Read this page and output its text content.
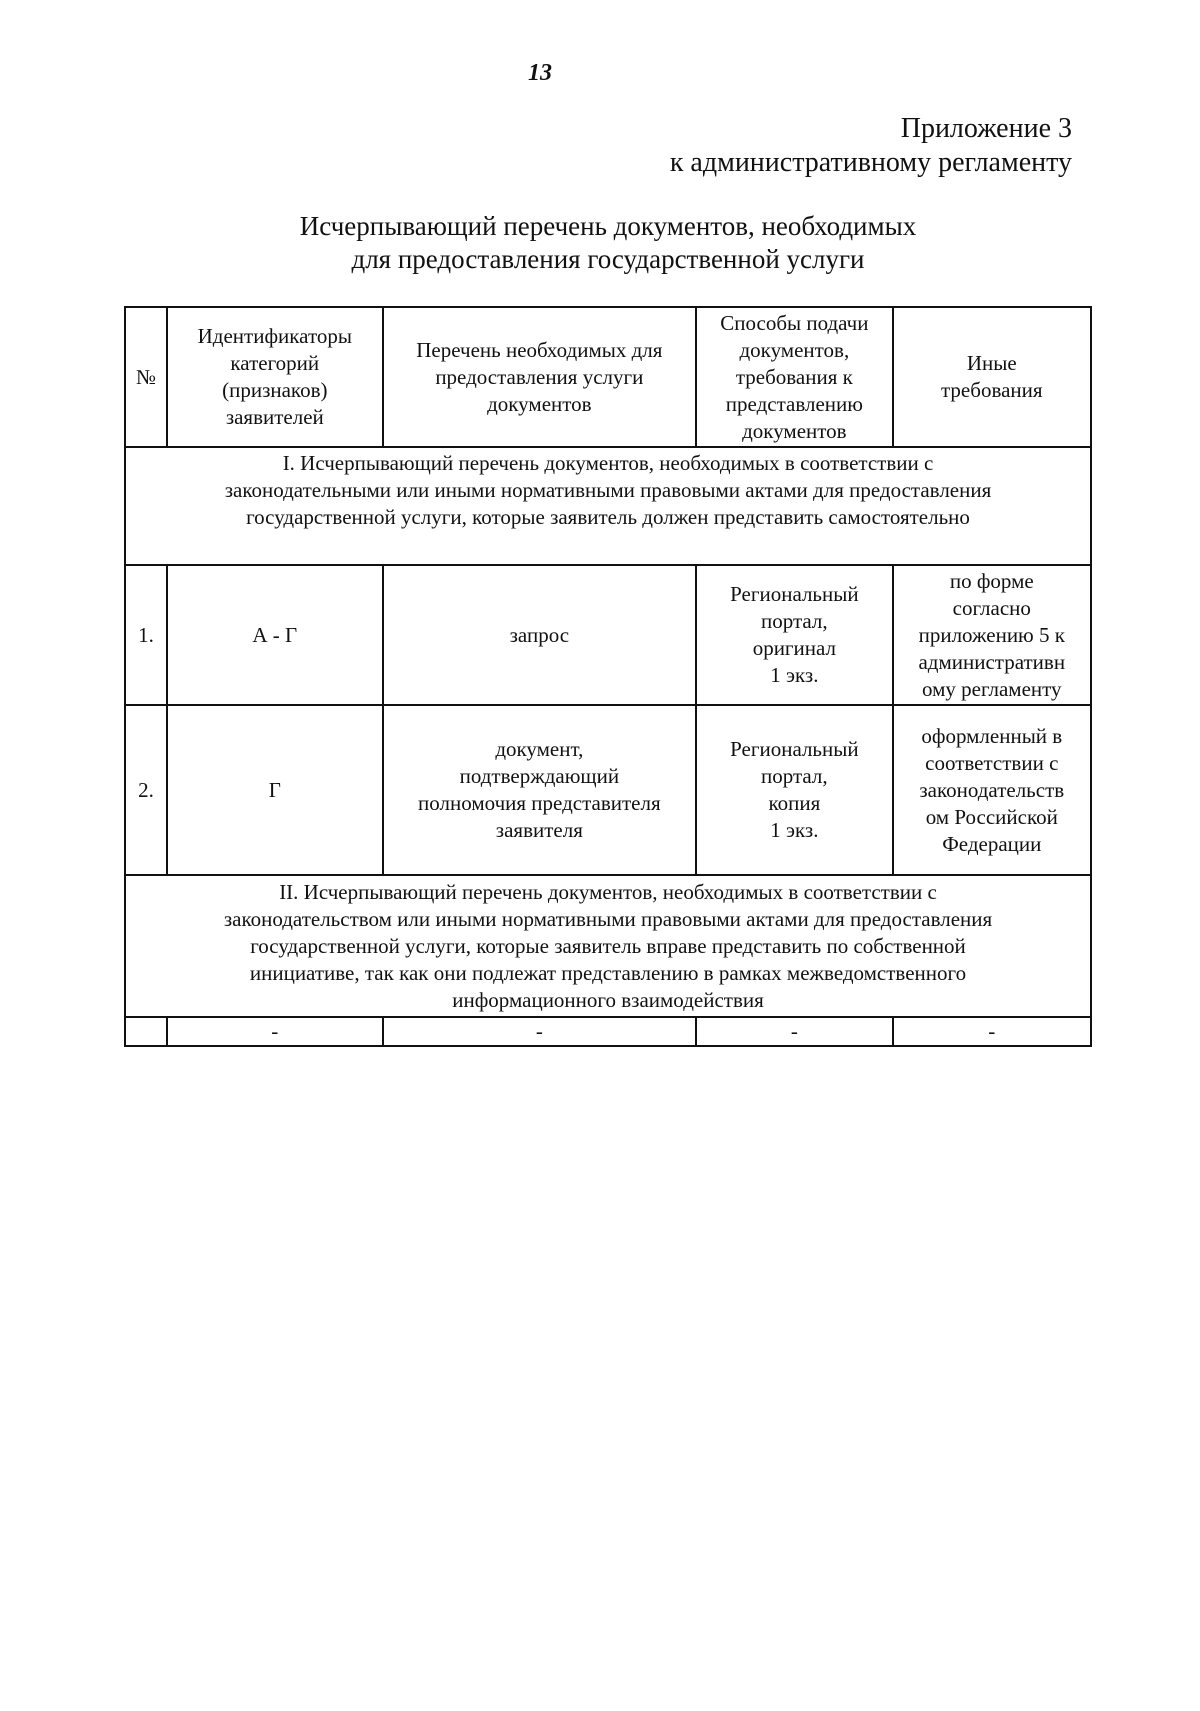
13
Приложение 3
к административному регламенту
Исчерпывающий перечень документов, необходимых
для предоставления государственной услуги
№	Идентификаторы
категорий
(признаков)
заявителей	Перечень необходимых для
предоставления услуги
документов	Способы подачи
документов,
требования к
представлению
документов	Иные
требования

I. Исчерпывающий перечень документов, необходимых в соответствии с
законодательными или иными нормативными правовыми актами для предоставления
государственной услуги, которые заявитель должен представить самостоятельно				

1.	А - Г	запрос	Региональный
портал,
оригинал
1 экз.	по форме
согласно
приложению 5 к
административн
ому регламенту

2.	Г	документ,
подтверждающий
полномочия представителя
заявителя	Региональный
портал,
копия
1 экз.	оформленный в
соответствии с
законодательств
ом Российской
Федерации

II. Исчерпывающий перечень документов, необходимых в соответствии с
законодательством или иными нормативными правовыми актами для предоставления
государственной услуги, которые заявитель вправе представить по собственной
инициативе, так как они подлежат представлению в рамках межведомственного
информационного взаимодействия				

	-	-	-	-
